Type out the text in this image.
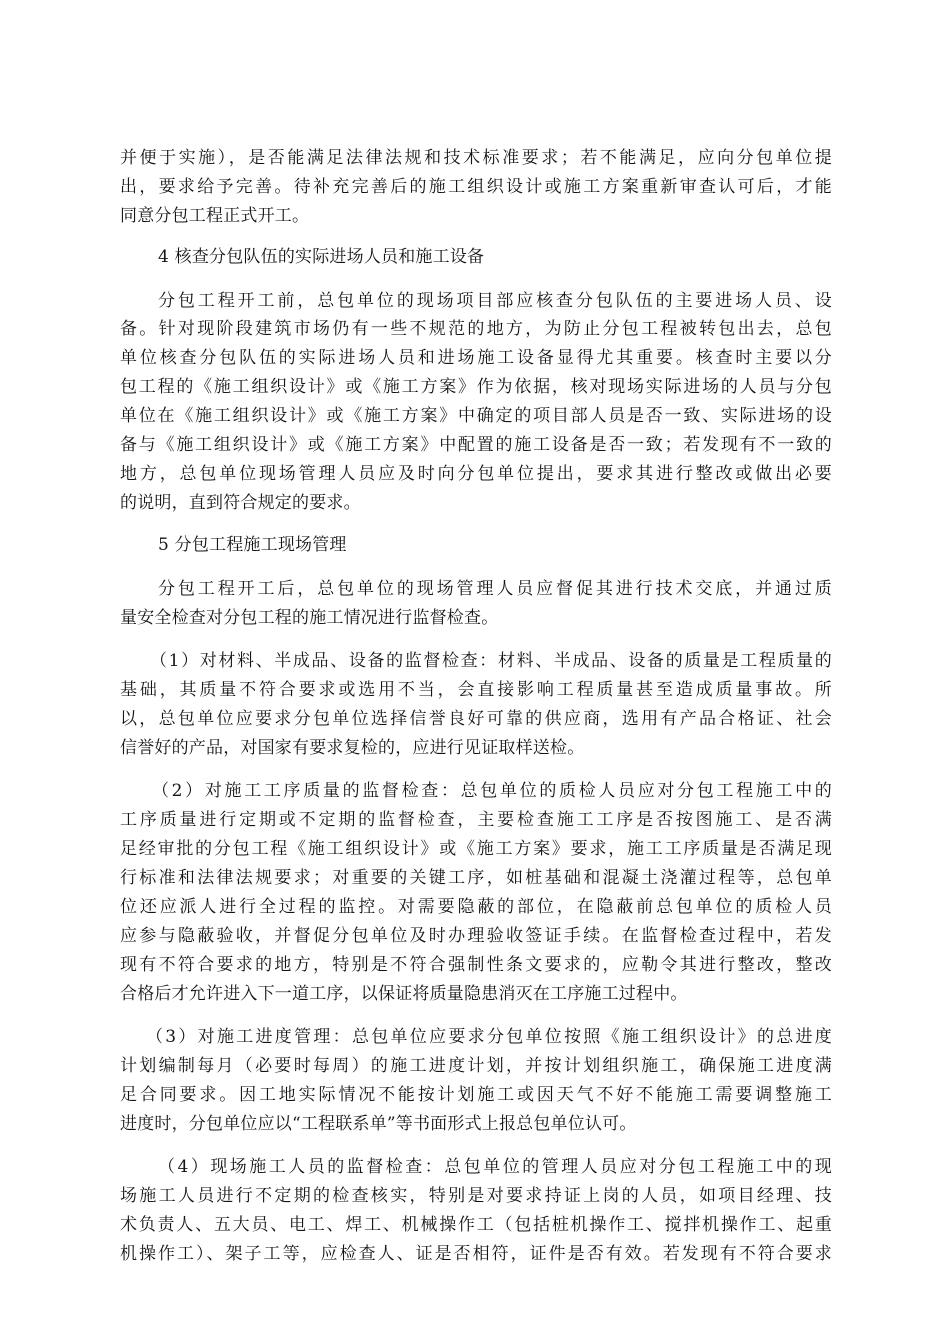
并便于实施），是否能满足法律法规和技术标准要求；若不能满足，应向分包单位提
出，要求给予完善。待补充完善后的施工组织设计或施工方案重新审查认可后，才能
同意分包工程正式开工。
4 核查分包队伍的实际进场人员和施工设备
分包工程开工前，总包单位的现场项目部应核查分包队伍的主要进场人员、设
备。针对现阶段建筑市场仍有一些不规范的地方，为防止分包工程被转包出去，总包
单位核查分包队伍的实际进场人员和进场施工设备显得尤其重要。核查时主要以分
包工程的《施工组织设计》或《施工方案》作为依据，核对现场实际进场的人员与分包
单位在《施工组织设计》或《施工方案》中确定的项目部人员是否一致、实际进场的设
备与《施工组织设计》或《施工方案》中配置的施工设备是否一致；若发现有不一致的
地方，总包单位现场管理人员应及时向分包单位提出，要求其进行整改或做出必要
的说明，直到符合规定的要求。
5 分包工程施工现场管理
分包工程开工后，总包单位的现场管理人员应督促其进行技术交底，并通过质
量安全检查对分包工程的施工情况进行监督检查。
（1）对材料、半成品、设备的监督检查：材料、半成品、设备的质量是工程质量的
基础，其质量不符合要求或选用不当，会直接影响工程质量甚至造成质量事故。所
以，总包单位应要求分包单位选择信誉良好可靠的供应商，选用有产品合格证、社会
信誉好的产品，对国家有要求复检的，应进行见证取样送检。
（2）对施工工序质量的监督检查：总包单位的质检人员应对分包工程施工中的
工序质量进行定期或不定期的监督检查，主要检查施工工序是否按图施工、是否满
足经审批的分包工程《施工组织设计》或《施工方案》要求，施工工序质量是否满足现
行标准和法律法规要求；对重要的关键工序，如桩基础和混凝土浇灌过程等，总包单
位还应派人进行全过程的监控。对需要隐蔽的部位，在隐蔽前总包单位的质检人员
应参与隐蔽验收，并督促分包单位及时办理验收签证手续。在监督检查过程中，若发
现有不符合要求的地方，特别是不符合强制性条文要求的，应勒令其进行整改，整改
合格后才允许进入下一道工序，以保证将质量隐患消灭在工序施工过程中。
（3）对施工进度管理：总包单位应要求分包单位按照《施工组织设计》的总进度
计划编制每月（必要时每周）的施工进度计划，并按计划组织施工，确保施工进度满
足合同要求。因工地实际情况不能按计划施工或因天气不好不能施工需要调整施工
进度时，分包单位应以“工程联系单”等书面形式上报总包单位认可。
（4）现场施工人员的监督检查：总包单位的管理人员应对分包工程施工中的现
场施工人员进行不定期的检查核实，特别是对要求持证上岗的人员，如项目经理、技
术负责人、五大员、电工、焊工、机械操作工（包括桩机操作工、搅拌机操作工、起重
机操作工）、架子工等，应检查人、证是否相符，证件是否有效。若发现有不符合要求
